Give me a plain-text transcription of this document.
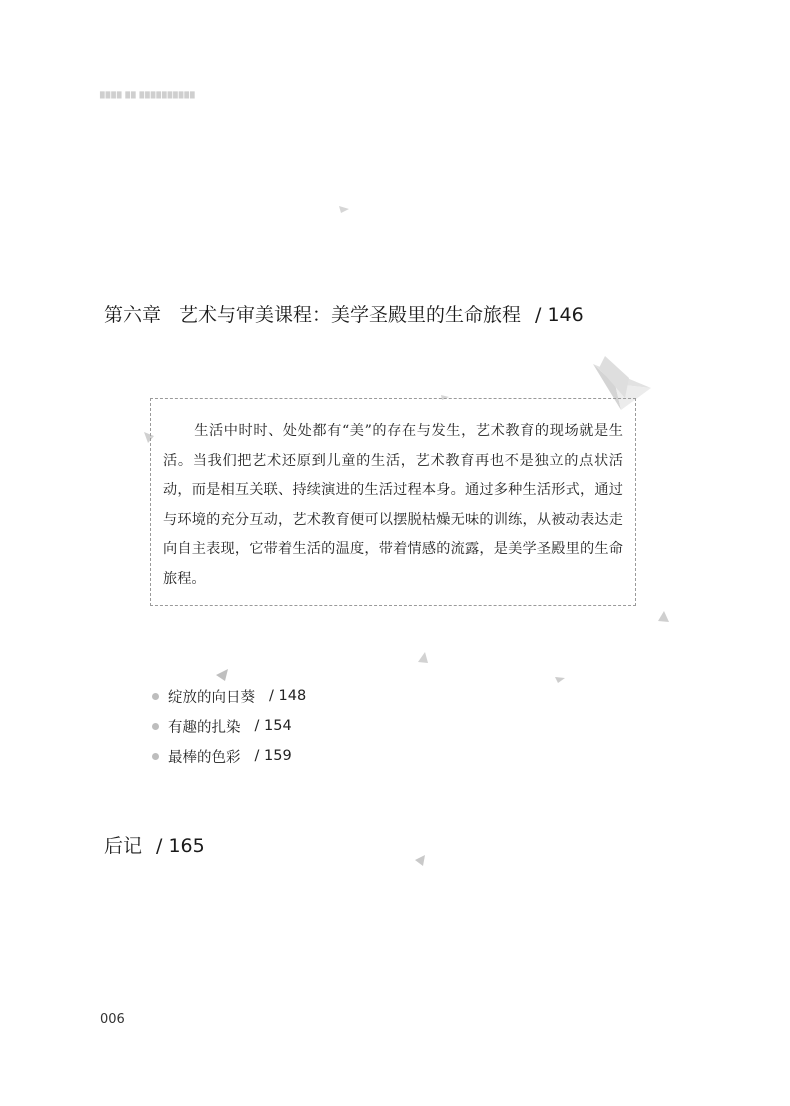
████ ██ ██████████
第六章 艺术与审美课程：美学圣殿里的生命旅程 / 146

生活中时时、处处都有“美”的存在与发生，艺术教育的现场就是生活。当我们把艺术还原到儿童的生活，艺术教育再也不是独立的点状活动，而是相互关联、持续演进的生活过程本身。通过多种生活形式，通过与环境的充分互动，艺术教育便可以摆脱枯燥无味的训练，从被动表达走向自主表现，它带着生活的温度，带着情感的流露，是美学圣殿里的生命旅程。

绽放的向日葵 / 148
有趣的扎染 / 154
最棒的色彩 / 159
后记 / 165
006
